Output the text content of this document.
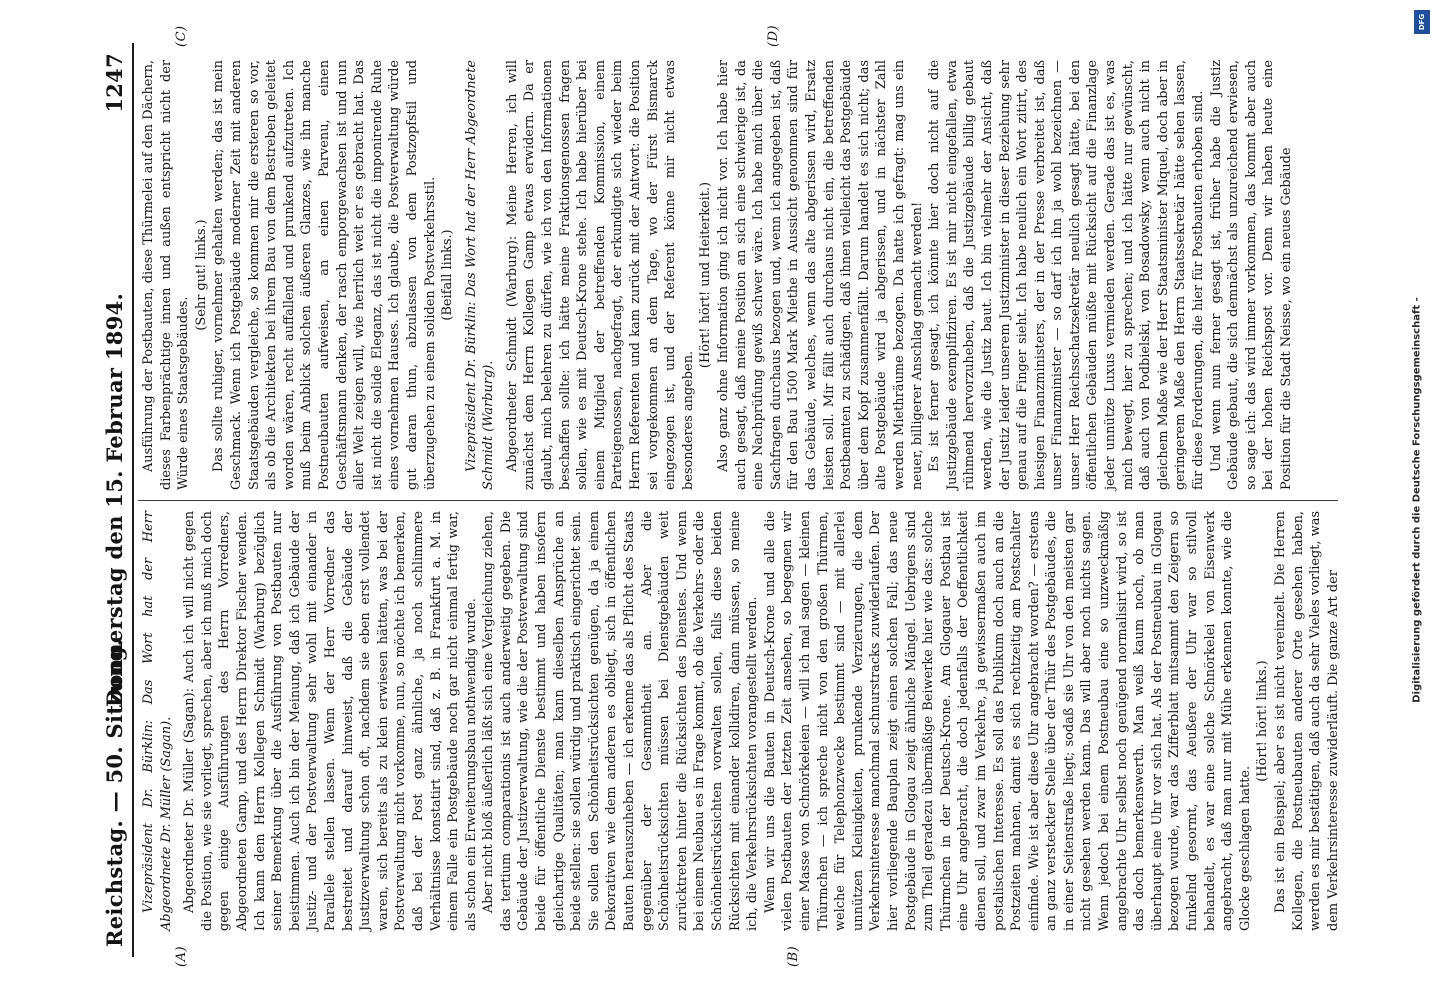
Reichstag. — 50. Sitzung.
Donnerstag den 15. Februar 1894.
1247
(A)	(B)
(C)	(D)

Vizepräsident Dr. Bürklin: Das Wort hat der Herr Abgeordnete Dr. Müller (Sagan). Abgeordneter Dr. Müller (Sagan): Auch ich will nicht gegen die Position, wie sie vorliegt, sprechen, aber ich muß mich doch gegen einige Ausführungen des Herrn Vorredners, Abgeordneten Gamp, und des Herrn Direktor Fischer wenden. Ich kann dem Herrn Kollegen Schmidt (Warburg) bezüglich seiner Bemerkung über die Ausführung von Postbauten nur beistimmen. Auch ich bin der Meinung, daß ich Gebäude der Justiz- und der Postverwaltung sehr wohl mit einander in Parallele stellen lassen. Wenn der Herr Vorredner das bestreitet und darauf hinweist, daß die Gebäude der Justizverwaltung schon oft, nachdem sie eben erst vollendet waren, sich bereits als zu klein erwiesen hätten, was bei der Postverwaltung nicht vorkomme, nun, so möchte ich bemerken, daß bei der Post ganz ähnliche, ja noch schlimmere Verhältnisse konstatirt sind, daß z. B. in Frankfurt a. M. in einem Falle ein Postgebäude noch gar nicht einmal fertig war, als schon ein Erweiterungsbau nothwendig wurde. Aber nicht bloß äußerlich läßt sich eine Vergleichung ziehen, das tertium comparationis ist auch anderweitig gegeben. Die Gebäude der Justizverwaltung, wie die der Postverwaltung sind beide für öffentliche Dienste bestimmt und haben insofern gleichartige Qualitäten; man kann dieselben Ansprüche an beide stellen: sie sollen würdig und praktisch eingerichtet sein. Sie sollen den Schönheitsrücksichten genügen, da ja einem Dekorativen wie dem anderen es obliegt, sich in öffentlichen Bauten herauszuheben — ich erkenne das als Pflicht des Staats gegenüber der Gesammtheit an. Aber die Schönheitsrücksichten müssen bei Dienstgebäuden weit zurücktreten hinter die Rücksichten des Dienstes. Und wenn bei einem Neubau es in Frage kommt, ob die Verkehrs- oder die Schönheitsrücksichten vorwalten sollen, falls diese beiden Rücksichten mit einander kollidiren, dann müssen, so meine ich, die Verkehrsrücksichten vorangestellt werden. Wenn wir uns die Bauten in Deutsch-Krone und alle die vielen Postbauten der letzten Zeit ansehen, so begegnen wir einer Masse von Schnörkeleien — will ich mal sagen — kleinen Thürmchen — ich spreche nicht von den großen Thürmen, welche für Telephonzwecke bestimmt sind — mit allerlei unnützen Kleinigkeiten, prunkende Verzierungen, die dem Verkehrsinteresse manchmal schnurstracks zuwiderlaufen. Der hier vorliegende Bauplan zeigt einen solchen Fall; das neue Postgebäude in Glogau zeigt ähnliche Mängel. Uebrigens sind zum Theil geradezu übermäßige Beiwerke hier wie das: solche Thürmchen in der Deutsch-Krone. Am Glogauer Postbau ist eine Uhr angebracht, die doch jedenfalls der Oeffentlichkeit dienen soll, und zwar im Verkehre, ja gewissermaßen auch im postalischen Interesse. Es soll das Publikum doch auch an die Postzeiten mahnen, damit es sich rechtzeitig am Postschalter einfinde. Wie ist aber diese Uhr angebracht worden? — erstens an ganz versteckter Stelle über der Thür des Postgebäudes, die in einer Seitenstraße liegt; sodaß sie Uhr von den meisten gar nicht gesehen werden kann. Das will aber noch nichts sagen. Wenn jedoch bei einem Postneubau eine so unzweckmäßig angebrachte Uhr selbst noch genügend normalisirt wird, so ist das doch bemerkenswerth. Man weiß kaum noch, ob man überhaupt eine Uhr vor sich hat. Als der Postneubau in Glogau bezogen wurde, war das Zifferblatt mitsammt den Zeigern so funkelnd gesormt, das Aeußere der Uhr war so stilvoll behandelt, es war eine solche Schnörkelei von Eisenwerk angebracht, daß man nur mit Mühe erkennen konnte, wie die Glocke geschlagen hatte.

(Hört! hört! links.) Das ist ein Beispiel; aber es ist nicht vereinzelt. Die Herren Kollegen, die Postneubauten anderer Orte gesehen haben, werden es mir bestätigen, daß auch da sehr Vieles vorliegt, was dem Verkehrsinteresse zuwiderläuft. Die ganze Art der

Ausführung der Postbauten, diese Thürmelei auf den Dächern, dieses Farbenprächtige innen und außen entspricht nicht der Würde eines Staatsgebäudes.

(Sehr gut! links.) Das sollte ruhiger, vornehmer gehalten werden; das ist mein Geschmack. Wenn ich Postgebäude moderner Zeit mit anderen Staatsgebäuden vergleiche, so kommen mir die ersteren so vor, als ob die Architekten bei ihrem Bau von dem Bestreben geleitet worden wären, recht auffallend und prunkend aufzutreten. Ich muß beim Anblick solchen äußeren Glanzes, wie ihn manche Postneubauten aufweisen, an einen Parvenu, einen Geschäftsmann denken, der rasch emporgewachsen ist und nun aller Welt zeigen will, wie herrlich weit er es gebracht hat. Das ist nicht die solide Eleganz, das ist nicht die imponirende Ruhe eines vornehmen Hauses. Ich glaube, die Postverwaltung würde gut daran thun, abzulassen von dem Postzopfstil und überzugehen zu einem soliden Postverkehrsstil. (Beifall links.) Vizepräsident Dr. Bürklin: Das Wort hat der Herr Abgeordnete Schmidt (Warburg). Abgeordneter Schmidt (Warburg): Meine Herren, ich will zunächst dem Herrn Kollegen Gamp etwas erwidern. Da er glaubt, mich belehren zu dürfen, wie ich von den Informationen beschaffen sollte: ich hätte meine Fraktionsgenossen fragen sollen, wie es mit Deutsch-Krone stehe. Ich habe hierüber bei einem Mitglied der betreffenden Kommission, einem Parteigenossen, nachgefragt, der erkundigte sich wieder beim Herrn Referenten und kam zurück mit der Antwort: die Position sei vorgekommen an dem Tage, wo der Fürst Bismarck eingezogen ist, und der Referent könne mir nicht etwas besonderes angeben.

(Hört! hört! und Heiterkeit.) Also ganz ohne Information ging ich nicht vor. Ich habe hier auch gesagt, daß meine Position an sich eine schwierige ist, da eine Nachprüfung gewiß schwer wäre. Ich habe mich über die Sachfragen durchaus bezogen und, wenn ich angegeben ist, daß für den Bau 1500 Mark Miethe in Aussicht genommen sind für das Gebäude, welches, wenn das alte abgerissen wird, Ersatz leisten soll. Mir fällt auch durchaus nicht ein, die betreffenden Postbeamten zu schädigen, daß ihnen vielleicht das Postgebäude über dem Kopf zusammenfällt. Darum handelt es sich nicht; das alte Postgebäude wird ja abgerissen, und in nächster Zahl werden Miethräume bezogen. Da hatte ich gefragt: mag uns ein neuer, billigerer Anschlag gemacht werden! Es ist ferner gesagt, ich könnte hier doch nicht auf die Justizgebäude exemplifiziren. Es ist mir nicht eingefallen, etwa rühmend hervorzuheben, daß die Justizgebäude billig gebaut werden, wie die Justiz baut. Ich bin vielmehr der Ansicht, daß der Justiz leider unserem Justizminister in dieser Beziehung sehr genau auf die Finger sieht. Ich habe neulich ein Wort zitirt, des hiesigen Finanzministers, der in der Presse verbreitet ist, daß unser Finanzminister — so darf ich ihn ja wohl bezeichnen — unser Herr Reichsschatzsekretär neulich gesagt hätte, bei den öffentlichen Gebäuden müßte mit Rücksicht auf die Finanzlage jeder unnütze Luxus vermieden werden. Gerade das ist es, was mich bewegt, hier zu sprechen; und ich hätte nur gewünscht, daß auch von Podbielski, von Bosadowsky, wenn auch nicht in gleichem Maße wie der Herr Staatsminister Miquel, doch aber in geringerem Maße den Herrn Staatssekretär hätte sehen lassen, für diese Forderungen, die hier für Postbauten erhoben sind. Und wenn nun ferner gesagt ist, früher habe die Justiz Gebäude gebaut, die sich demnächst als unzureichend erwiesen, so sage ich: das wird immer vorkommen, das kommt aber auch bei der hohen Reichspost vor. Denn wir haben heute eine Position für die Stadt Neisse, wo ein neues Gebäude	Digitalisierung gefördert durch die Deutsche Forschungsgemeinschaft -
DFG
